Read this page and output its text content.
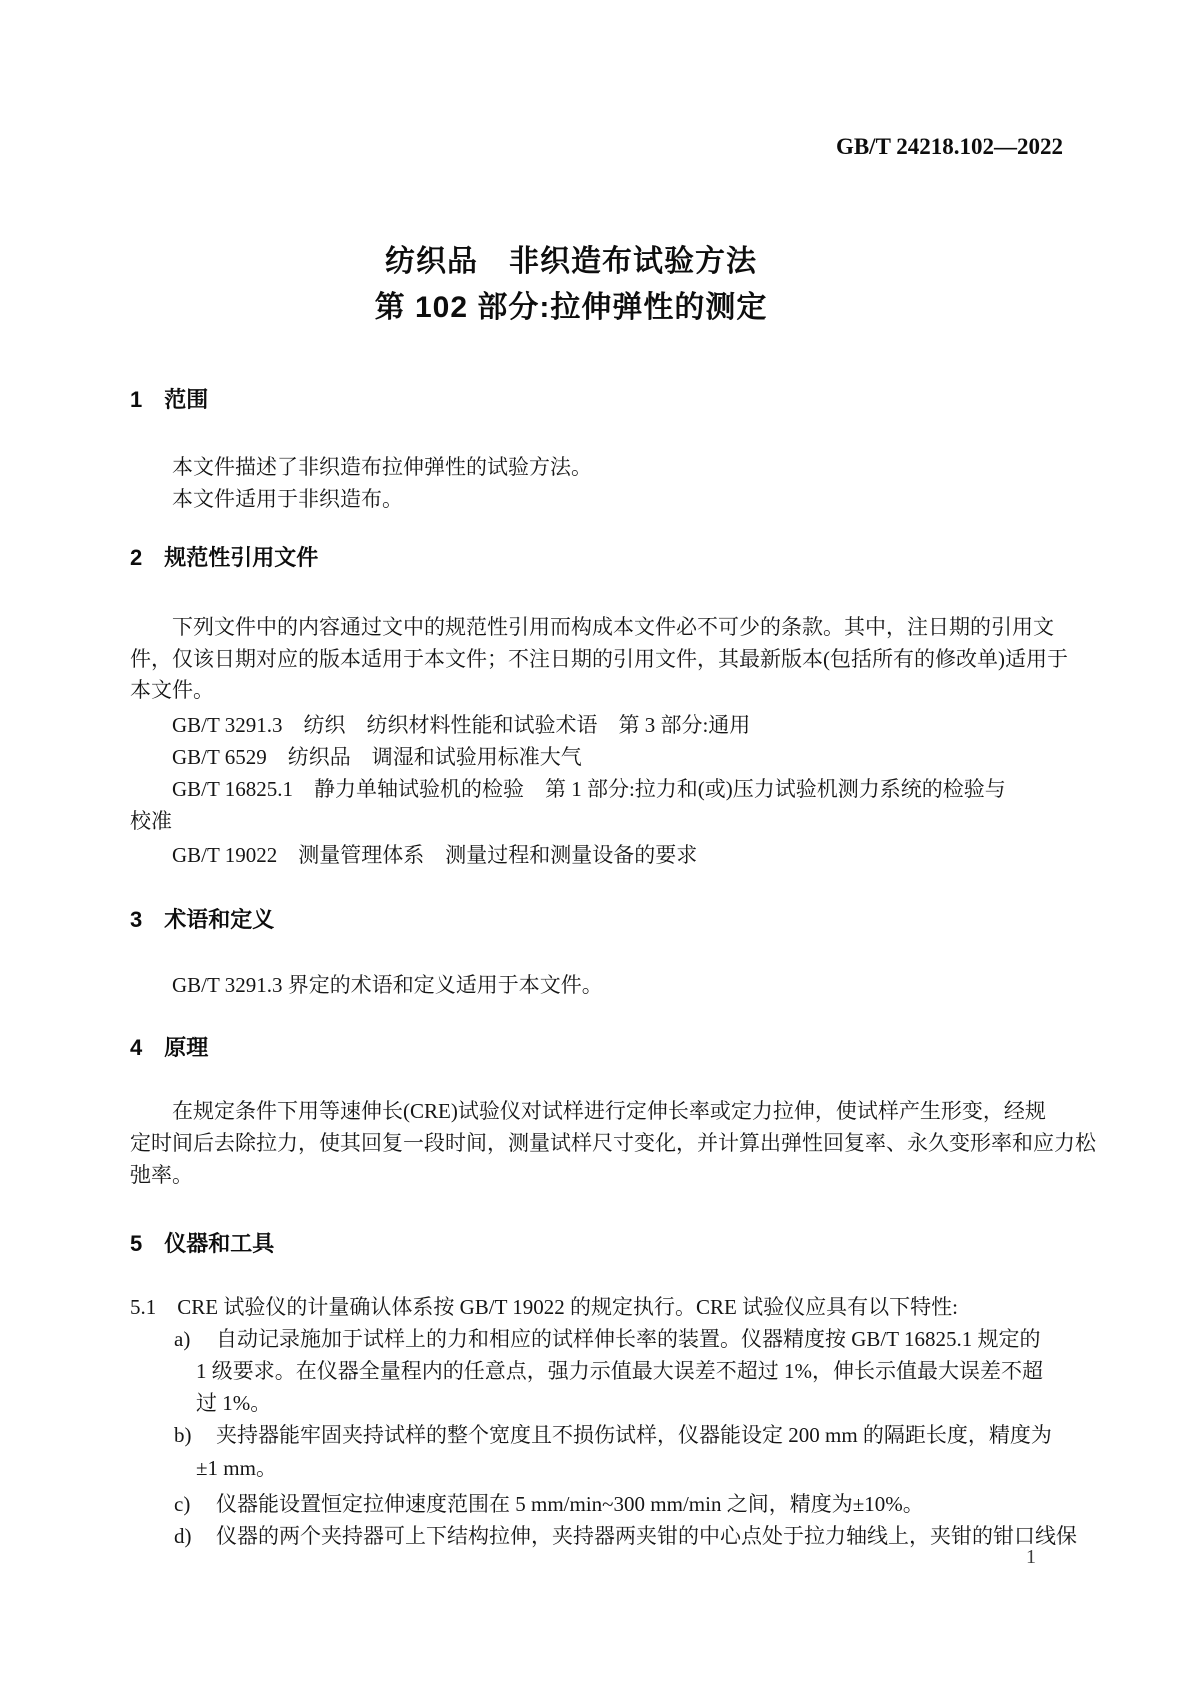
GB/T 24218.102—2022
纺织品　非织造布试验方法
第 102 部分:拉伸弹性的测定
1　范围
本文件描述了非织造布拉伸弹性的试验方法。
本文件适用于非织造布。
2　规范性引用文件
下列文件中的内容通过文中的规范性引用而构成本文件必不可少的条款。其中，注日期的引用文
件，仅该日期对应的版本适用于本文件；不注日期的引用文件，其最新版本(包括所有的修改单)适用于
本文件。
GB/T 3291.3　纺织　纺织材料性能和试验术语　第 3 部分:通用
GB/T 6529　纺织品　调湿和试验用标准大气
GB/T 16825.1　静力单轴试验机的检验　第 1 部分:拉力和(或)压力试验机测力系统的检验与
校准
GB/T 19022　测量管理体系　测量过程和测量设备的要求
3　术语和定义
GB/T 3291.3 界定的术语和定义适用于本文件。
4　原理
在规定条件下用等速伸长(CRE)试验仪对试样进行定伸长率或定力拉伸，使试样产生形变，经规
定时间后去除拉力，使其回复一段时间，测量试样尺寸变化，并计算出弹性回复率、永久变形率和应力松
弛率。
5　仪器和工具
5.1　CRE 试验仪的计量确认体系按 GB/T 19022 的规定执行。CRE 试验仪应具有以下特性:
a) 自动记录施加于试样上的力和相应的试样伸长率的装置。仪器精度按 GB/T 16825.1 规定的
1 级要求。在仪器全量程内的任意点，强力示值最大误差不超过 1%，伸长示值最大误差不超
过 1%。
b) 夹持器能牢固夹持试样的整个宽度且不损伤试样，仪器能设定 200 mm 的隔距长度，精度为
±1 mm。
c) 仪器能设置恒定拉伸速度范围在 5 mm/min~300 mm/min 之间，精度为±10%。
d) 仪器的两个夹持器可上下结构拉伸，夹持器两夹钳的中心点处于拉力轴线上，夹钳的钳口线保
1
